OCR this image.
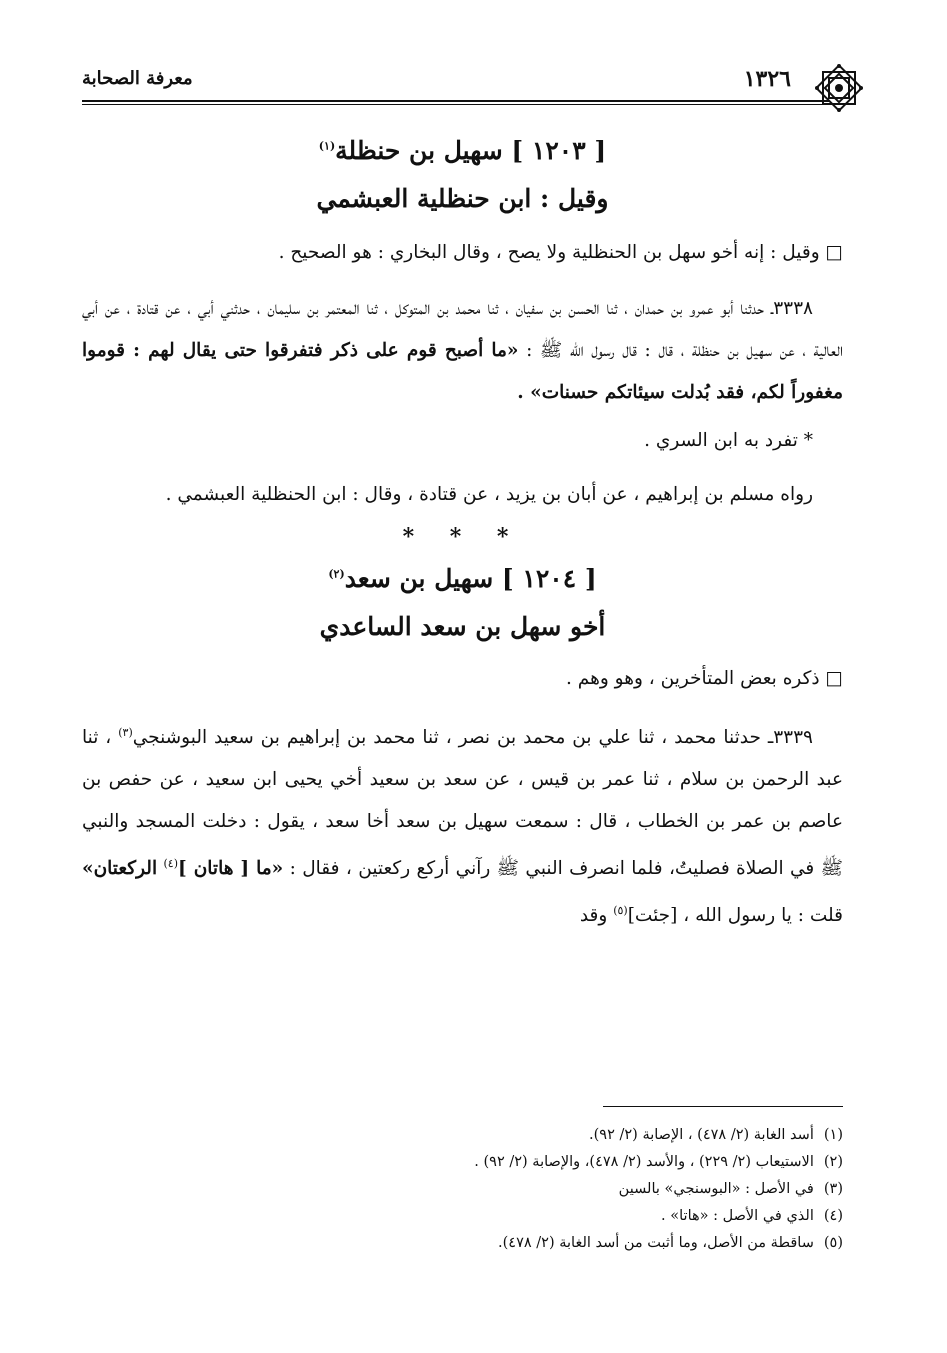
١٣٢٦
معرفة الصحابة

[ ١٢٠٣ ] سهيل بن حنظلة$^{(١)}$

وقيل : ابن حنظلية العبشمي

□ وقيل : إنه أخو سهل بن الحنظلية ولا يصح ، وقال البخاري : هو الصحيح .

٣٣٣٨ـ حدثنا أبو عمرو بن حمدان ، ثنا الحسن بن سفيان ، ثنا محمد بن المتوكل ، ثنا المعتمر بن سليمان ، حدثني أبي ، عن قتادة ، عن أبي العالية ، عن سهيل بن حنظلة ، قال : قال رسول الله ﷺ : «ما أصبح قوم على ذكر فتفرقوا حتى يقال لهم : قوموا مغفوراً لكم، فقد بُدلت سيئاتكم حسنات» .

* تفرد به ابن السري .

رواه مسلم بن إبراهيم ، عن أبان بن يزيد ، عن قتادة ، وقال : ابن الحنظلية العبشمي .

* * *

[ ١٢٠٤ ] سهيل بن سعد$^{(٢)}$

أخو سهل بن سعد الساعدي

□ ذكره بعض المتأخرين ، وهو وهم .

٣٣٣٩ـ حدثنا محمد ، ثنا علي بن محمد بن نصر ، ثنا محمد بن إبراهيم بن سعيد البوشنجي$^{(٣)}$ ، ثنا عبد الرحمن بن سلام ، ثنا عمر بن قيس ، عن سعد بن سعيد أخي يحيى ابن سعيد ، عن حفص بن عاصم بن عمر بن الخطاب ، قال : سمعت سهيل بن سعد أخا سعد ، يقول : دخلت المسجد والنبي ﷺ في الصلاة فصليتُ، فلما انصرف النبي ﷺ رآني أركع ركعتين ، فقال : «ما [ هاتان ]$^{(٤)}$ الركعتان» قلت : يا رسول الله ، [جئت]$^{(٥)}$ وقد

(١)أسد الغابة (٢/ ٤٧٨) ، الإصابة (٢/ ٩٢).

(٢)الاستيعاب (٢/ ٢٢٩) ، والأسد (٢/ ٤٧٨)، والإصابة (٢/ ٩٢) .

(٣)في الأصل : «البوسنجي» بالسين

(٤)الذي في الأصل : «هاتا» .

(٥)ساقطة من الأصل، وما أثبت من أسد الغابة (٢/ ٤٧٨).
